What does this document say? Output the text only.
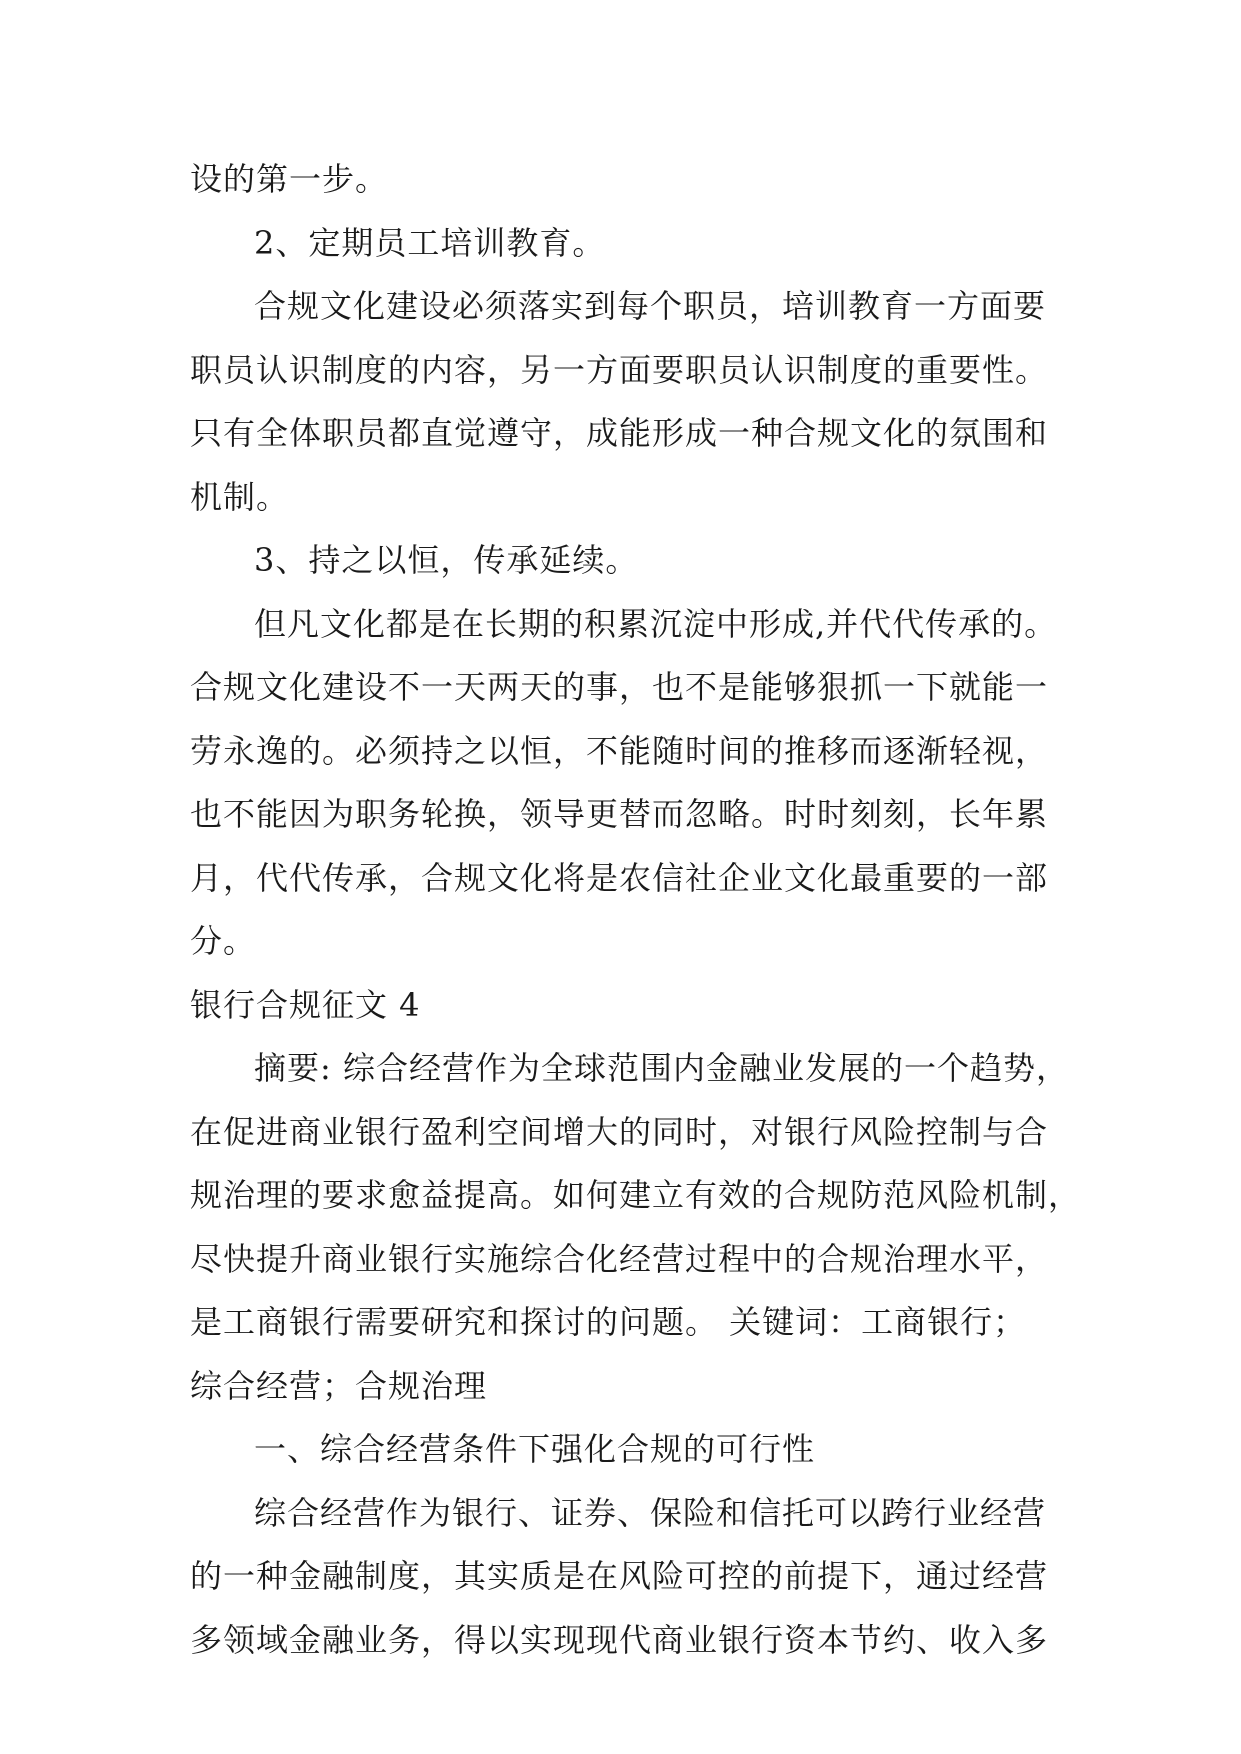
设的第一步。
2、定期员工培训教育。
合规文化建设必须落实到每个职员，培训教育一方面要
职员认识制度的内容，另一方面要职员认识制度的重要性。
只有全体职员都直觉遵守，成能形成一种合规文化的氛围和
机制。
3、持之以恒，传承延续。
但凡文化都是在长期的积累沉淀中形成,并代代传承的。
合规文化建设不一天两天的事，也不是能够狠抓一下就能一
劳永逸的。必须持之以恒，不能随时间的推移而逐渐轻视，
也不能因为职务轮换，领导更替而忽略。时时刻刻，长年累
月，代代传承，合规文化将是农信社企业文化最重要的一部
分。
银行合规征文 4
摘要: 综合经营作为全球范围内金融业发展的一个趋势，
在促进商业银行盈利空间增大的同时，对银行风险控制与合
规治理的要求愈益提高。如何建立有效的合规防范风险机制，
尽快提升商业银行实施综合化经营过程中的合规治理水平，
是工商银行需要研究和探讨的问题。 关键词：工商银行；
综合经营；合规治理
一、综合经营条件下强化合规的可行性
综合经营作为银行、证券、保险和信托可以跨行业经营
的一种金融制度，其实质是在风险可控的前提下，通过经营
多领域金融业务，得以实现现代商业银行资本节约、收入多
